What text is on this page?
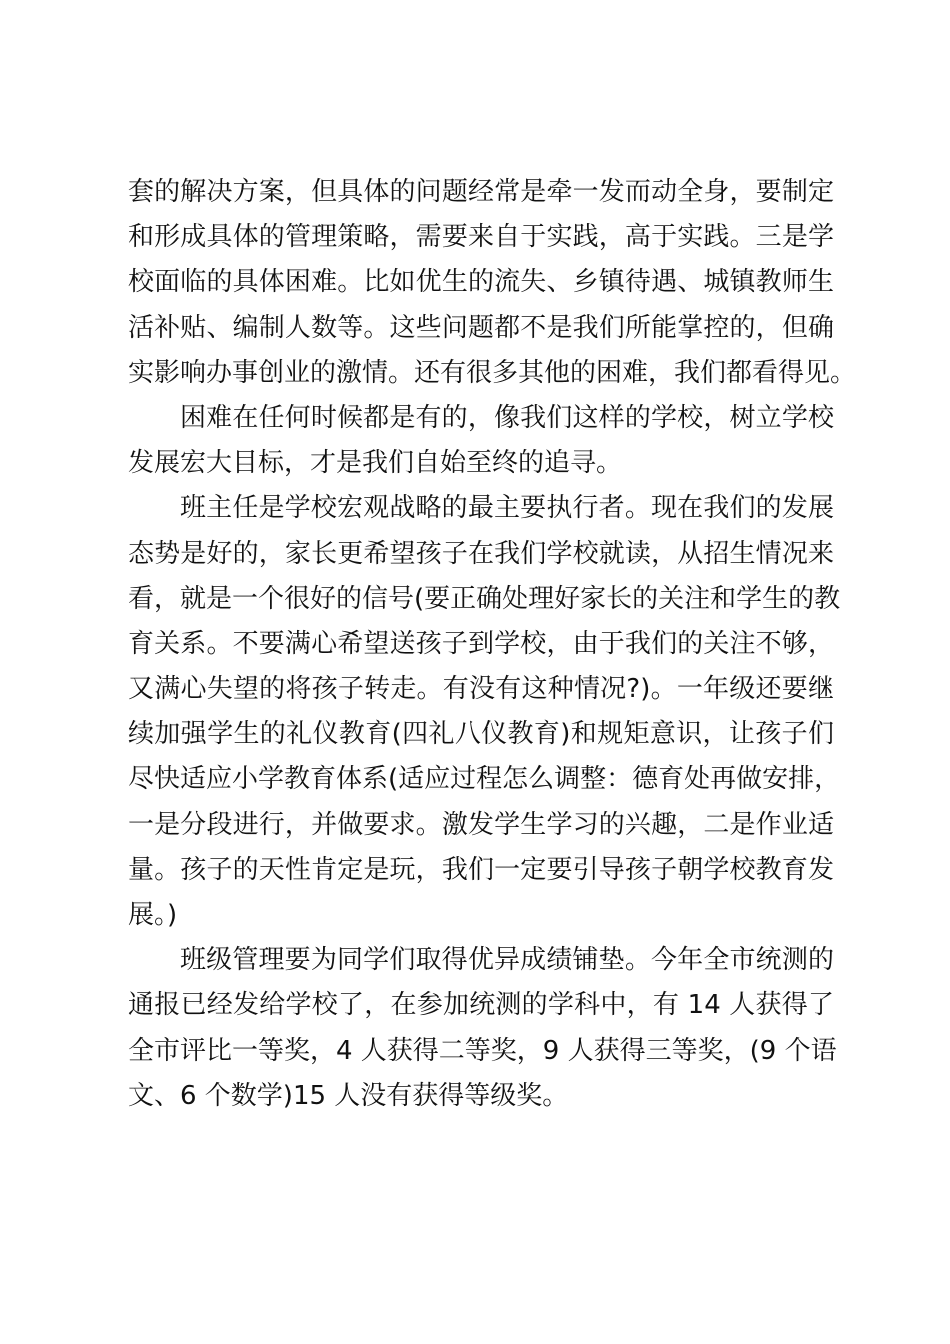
套的解决方案，但具体的问题经常是牵一发而动全身，要制定
和形成具体的管理策略，需要来自于实践，高于实践。三是学
校面临的具体困难。比如优生的流失、乡镇待遇、城镇教师生
活补贴、编制人数等。这些问题都不是我们所能掌控的，但确
实影响办事创业的激情。还有很多其他的困难，我们都看得见。
困难在任何时候都是有的，像我们这样的学校，树立学校
发展宏大目标，才是我们自始至终的追寻。
班主任是学校宏观战略的最主要执行者。现在我们的发展
态势是好的，家长更希望孩子在我们学校就读，从招生情况来
看，就是一个很好的信号(要正确处理好家长的关注和学生的教
育关系。不要满心希望送孩子到学校，由于我们的关注不够，
又满心失望的将孩子转走。有没有这种情况?)。一年级还要继
续加强学生的礼仪教育(四礼八仪教育)和规矩意识，让孩子们
尽快适应小学教育体系(适应过程怎么调整：德育处再做安排，
一是分段进行，并做要求。激发学生学习的兴趣，二是作业适
量。孩子的天性肯定是玩，我们一定要引导孩子朝学校教育发
展。)
班级管理要为同学们取得优异成绩铺垫。今年全市统测的
通报已经发给学校了，在参加统测的学科中，有 14 人获得了
全市评比一等奖，4 人获得二等奖，9 人获得三等奖，(9 个语
文、6 个数学)15 人没有获得等级奖。
